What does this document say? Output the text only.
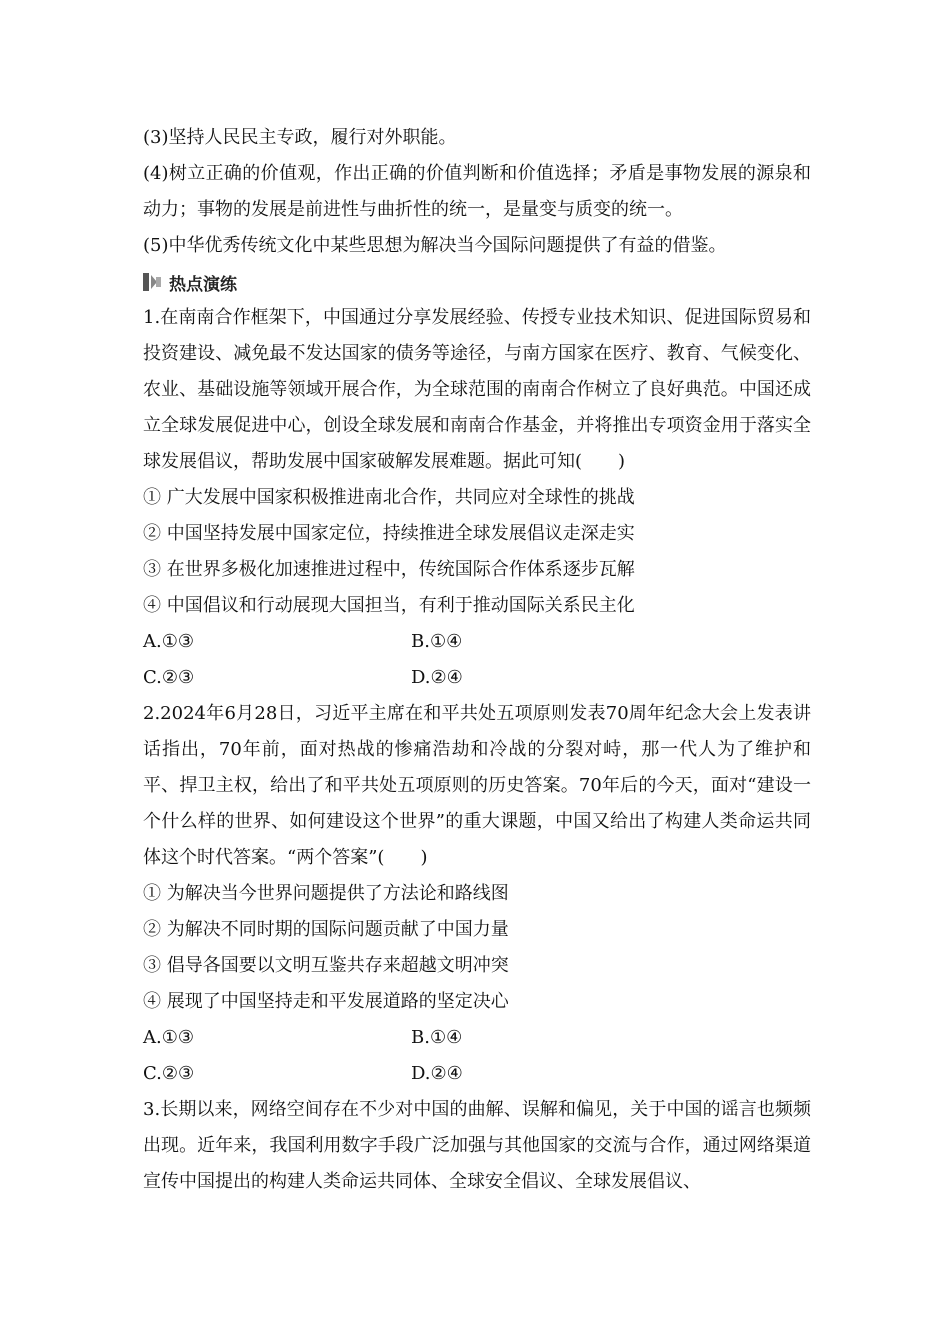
(3)坚持人民民主专政，履行对外职能。

(4)树立正确的价值观，作出正确的价值判断和价值选择；矛盾是事物发展的源泉和动力；事物的发展是前进性与曲折性的统一，是量变与质变的统一。

(5)中华优秀传统文化中某些思想为解决当今国际问题提供了有益的借鉴。

热点演练

1.在南南合作框架下，中国通过分享发展经验、传授专业技术知识、促进国际贸易和投资建设、减免最不发达国家的债务等途径，与南方国家在医疗、教育、气候变化、农业、基础设施等领域开展合作，为全球范围的南南合作树立了良好典范。中国还成立全球发展促进中心，创设全球发展和南南合作基金，并将推出专项资金用于落实全球发展倡议，帮助发展中国家破解发展难题。据此可知( )

① 广大发展中国家积极推进南北合作，共同应对全球性的挑战

② 中国坚持发展中国家定位，持续推进全球发展倡议走深走实

③ 在世界多极化加速推进过程中，传统国际合作体系逐步瓦解

④ 中国倡议和行动展现大国担当，有利于推动国际关系民主化

A.①③	B.①④
C.②③	D.②④

2.2024年6月28日，习近平主席在和平共处五项原则发表70周年纪念大会上发表讲话指出，70年前，面对热战的惨痛浩劫和冷战的分裂对峙，那一代人为了维护和平、捍卫主权，给出了和平共处五项原则的历史答案。70年后的今天，面对“建设一个什么样的世界、如何建设这个世界”的重大课题，中国又给出了构建人类命运共同体这个时代答案。“两个答案”( )

① 为解决当今世界问题提供了方法论和路线图

② 为解决不同时期的国际问题贡献了中国力量

③ 倡导各国要以文明互鉴共存来超越文明冲突

④ 展现了中国坚持走和平发展道路的坚定决心

A.①③	B.①④
C.②③	D.②④

3.长期以来，网络空间存在不少对中国的曲解、误解和偏见，关于中国的谣言也频频出现。近年来，我国利用数字手段广泛加强与其他国家的交流与合作，通过网络渠道宣传中国提出的构建人类命运共同体、全球安全倡议、全球发展倡议、
